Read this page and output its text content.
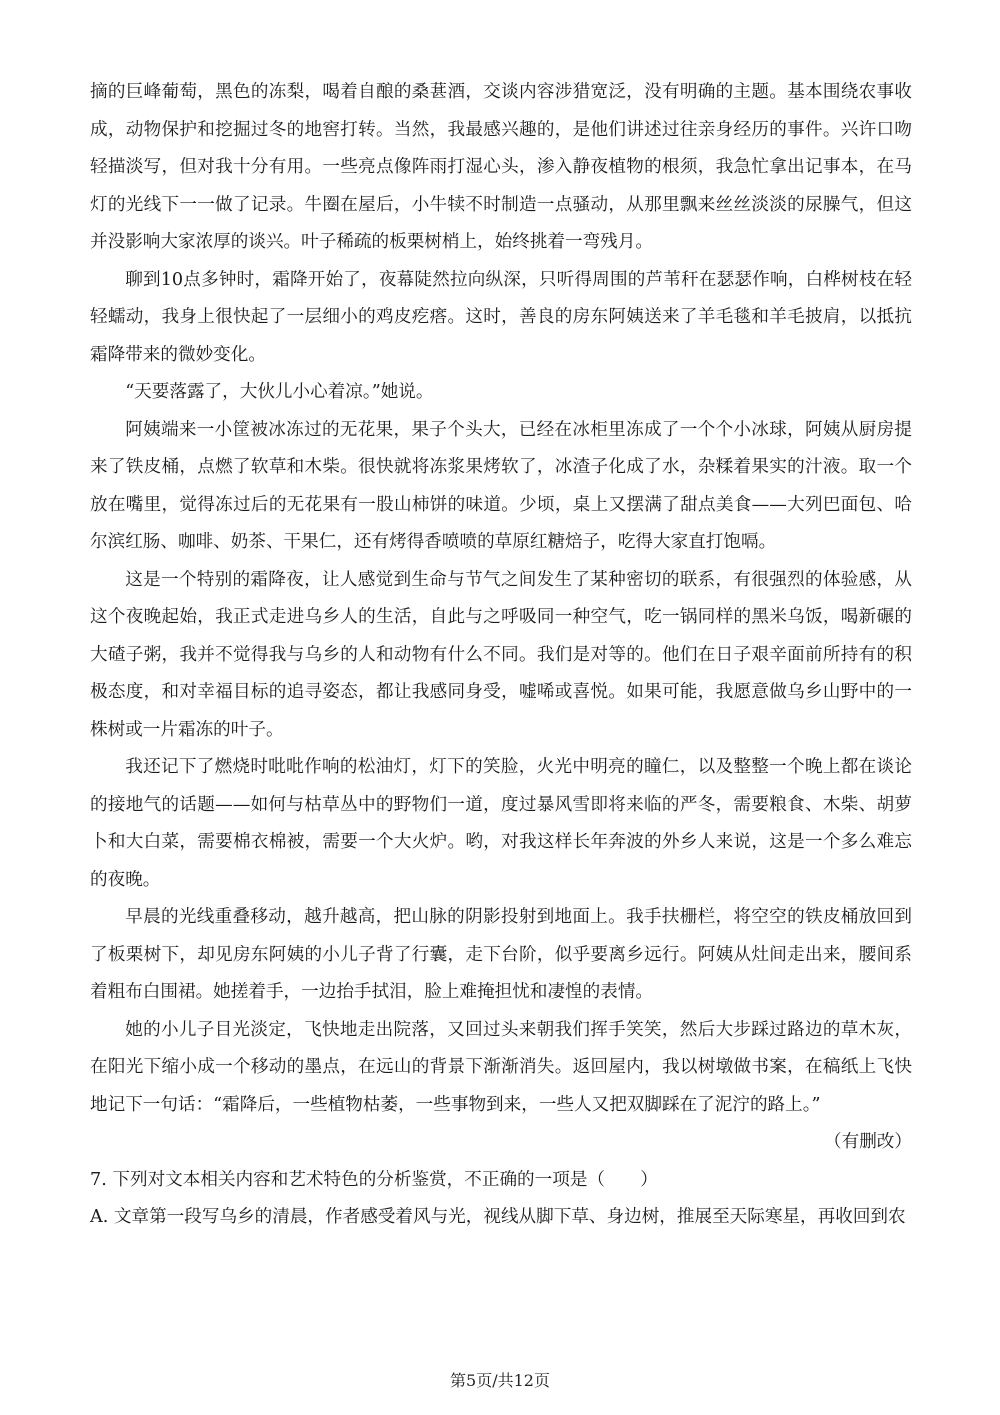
摘的巨峰葡萄，黑色的冻梨，喝着自酿的桑葚酒，交谈内容涉猎宽泛，没有明确的主题。基本围绕农事收成，动物保护和挖掘过冬的地窖打转。当然，我最感兴趣的，是他们讲述过往亲身经历的事件。兴许口吻轻描淡写，但对我十分有用。一些亮点像阵雨打湿心头，渗入静夜植物的根须，我急忙拿出记事本，在马灯的光线下一一做了记录。牛圈在屋后，小牛犊不时制造一点骚动，从那里飘来丝丝淡淡的尿臊气，但这并没影响大家浓厚的谈兴。叶子稀疏的板栗树梢上，始终挑着一弯残月。

聊到10点多钟时，霜降开始了，夜幕陡然拉向纵深，只听得周围的芦苇秆在瑟瑟作响，白桦树枝在轻轻蠕动，我身上很快起了一层细小的鸡皮疙瘩。这时，善良的房东阿姨送来了羊毛毯和羊毛披肩，以抵抗霜降带来的微妙变化。

“天要落露了，大伙儿小心着凉。”她说。

阿姨端来一小筐被冰冻过的无花果，果子个头大，已经在冰柜里冻成了一个个小冰球，阿姨从厨房提来了铁皮桶，点燃了软草和木柴。很快就将冻浆果烤软了，冰渣子化成了水，杂糅着果实的汁液。取一个放在嘴里，觉得冻过后的无花果有一股山柿饼的味道。少顷，桌上又摆满了甜点美食——大列巴面包、哈尔滨红肠、咖啡、奶茶、干果仁，还有烤得香喷喷的草原红糖焙子，吃得大家直打饱嗝。

这是一个特别的霜降夜，让人感觉到生命与节气之间发生了某种密切的联系，有很强烈的体验感，从这个夜晚起始，我正式走进乌乡人的生活，自此与之呼吸同一种空气，吃一锅同样的黑米乌饭，喝新碾的大碴子粥，我并不觉得我与乌乡的人和动物有什么不同。我们是对等的。他们在日子艰辛面前所持有的积极态度，和对幸福目标的追寻姿态，都让我感同身受，嘘唏或喜悦。如果可能，我愿意做乌乡山野中的一株树或一片霜冻的叶子。

我还记下了燃烧时吡吡作响的松油灯，灯下的笑脸，火光中明亮的瞳仁，以及整整一个晚上都在谈论的接地气的话题——如何与枯草丛中的野物们一道，度过暴风雪即将来临的严冬，需要粮食、木柴、胡萝卜和大白菜，需要棉衣棉被，需要一个大火炉。哟，对我这样长年奔波的外乡人来说，这是一个多么难忘的夜晚。

早晨的光线重叠移动，越升越高，把山脉的阴影投射到地面上。我手扶栅栏，将空空的铁皮桶放回到了板栗树下，却见房东阿姨的小儿子背了行囊，走下台阶，似乎要离乡远行。阿姨从灶间走出来，腰间系着粗布白围裙。她搓着手，一边抬手拭泪，脸上难掩担忧和凄惶的表情。

她的小儿子目光淡定，飞快地走出院落，又回过头来朝我们挥手笑笑，然后大步踩过路边的草木灰，在阳光下缩小成一个移动的墨点，在远山的背景下渐渐消失。返回屋内，我以树墩做书案，在稿纸上飞快地记下一句话：“霜降后，一些植物枯萎，一些事物到来，一些人又把双脚踩在了泥泞的路上。”

（有删改）

7. 下列对文本相关内容和艺术特色的分析鉴赏，不正确的一项是（　　）

A. 文章第一段写乌乡的清晨，作者感受着风与光，视线从脚下草、身边树，推展至天际寒星，再收回到农

第5页/共12页
